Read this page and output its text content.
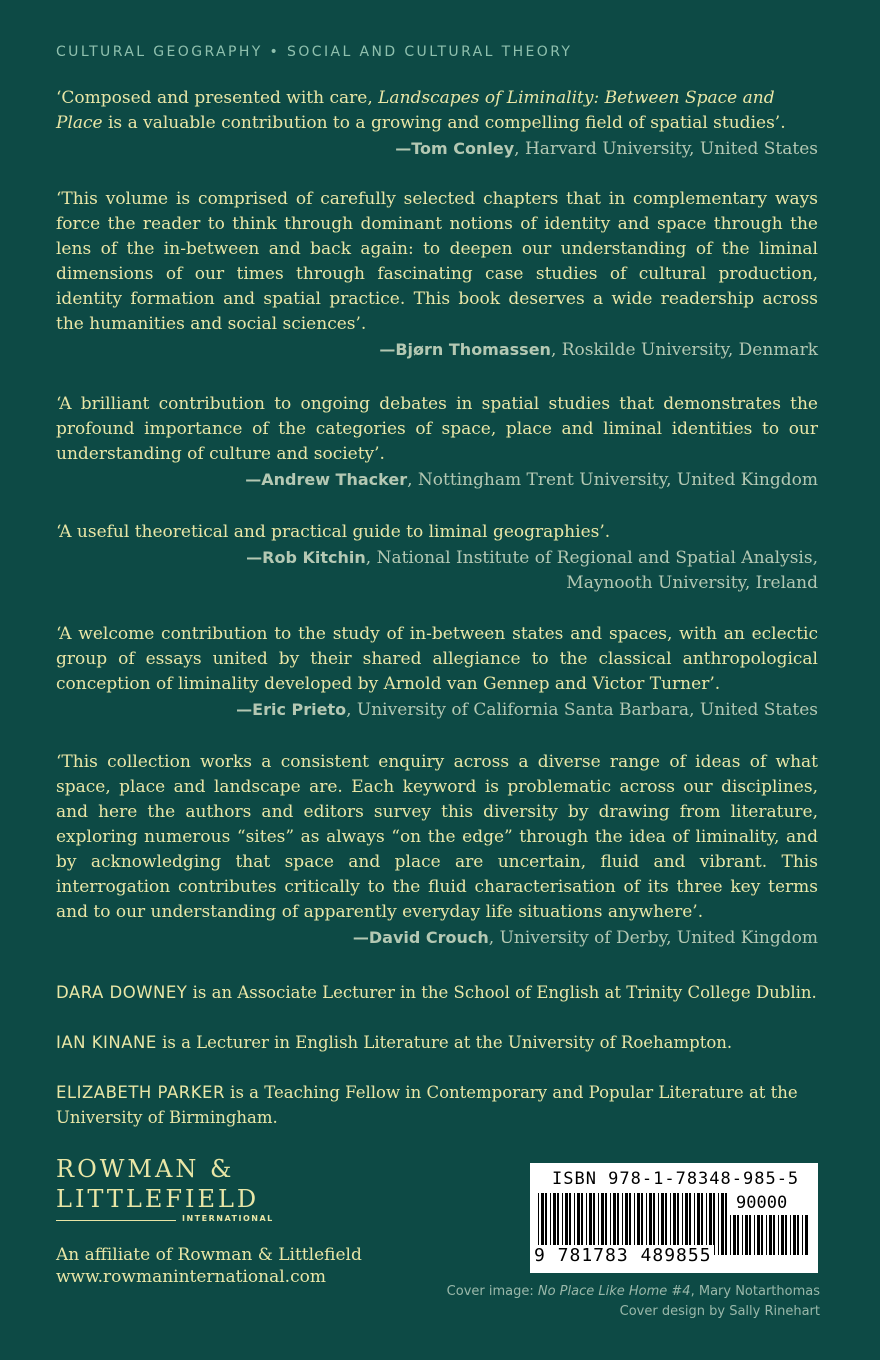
CULTURAL GEOGRAPHY • SOCIAL AND CULTURAL THEORY

‘Composed and presented with care, Landscapes of Liminality: Between Space and Place is a valuable contribution to a growing and compelling field of spatial studies’.

—Tom Conley, Harvard University, United States

‘This volume is comprised of carefully selected chapters that in complementary ways force the reader to think through dominant notions of identity and space through the lens of the in-between and back again: to deepen our understanding of the liminal dimensions of our times through fascinating case studies of cultural production, identity formation and spatial practice. This book deserves a wide readership across the humanities and social sciences’.

—Bjørn Thomassen, Roskilde University, Denmark

‘A brilliant contribution to ongoing debates in spatial studies that demonstrates the profound importance of the categories of space, place and liminal identities to our understanding of culture and society’.

—Andrew Thacker, Nottingham Trent University, United Kingdom

‘A useful theoretical and practical guide to liminal geographies’.

—Rob Kitchin, National Institute of Regional and Spatial Analysis,
Maynooth University, Ireland

‘A welcome contribution to the study of in-between states and spaces, with an eclectic group of essays united by their shared allegiance to the classical anthropological conception of liminality developed by Arnold van Gennep and Victor Turner’.

—Eric Prieto, University of California Santa Barbara, United States

‘This collection works a consistent enquiry across a diverse range of ideas of what space, place and landscape are. Each keyword is problematic across our disciplines, and here the authors and editors survey this diversity by drawing from literature, exploring numerous “sites” as always “on the edge” through the idea of liminality, and by acknowledging that space and place are uncertain, fluid and vibrant. This interrogation contributes critically to the fluid characterisation of its three key terms and to our understanding of apparently everyday life situations anywhere’.

—David Crouch, University of Derby, United Kingdom
DARA DOWNEY is an Associate Lecturer in the School of English at Trinity College Dublin.
IAN KINANE is a Lecturer in English Literature at the University of Roehampton.
ELIZABETH PARKER is a Teaching Fellow in Contemporary and Popular Literature at the University of Birmingham.
ROWMAN &
LITTLEFIELD
INTERNATIONAL
An affiliate of Rowman & Littlefield
www.rowmaninternational.com
ISBN 978-1-78348-985-5
90000
9 781783 489855
Cover image: No Place Like Home #4, Mary Notarthomas
Cover design by Sally Rinehart
